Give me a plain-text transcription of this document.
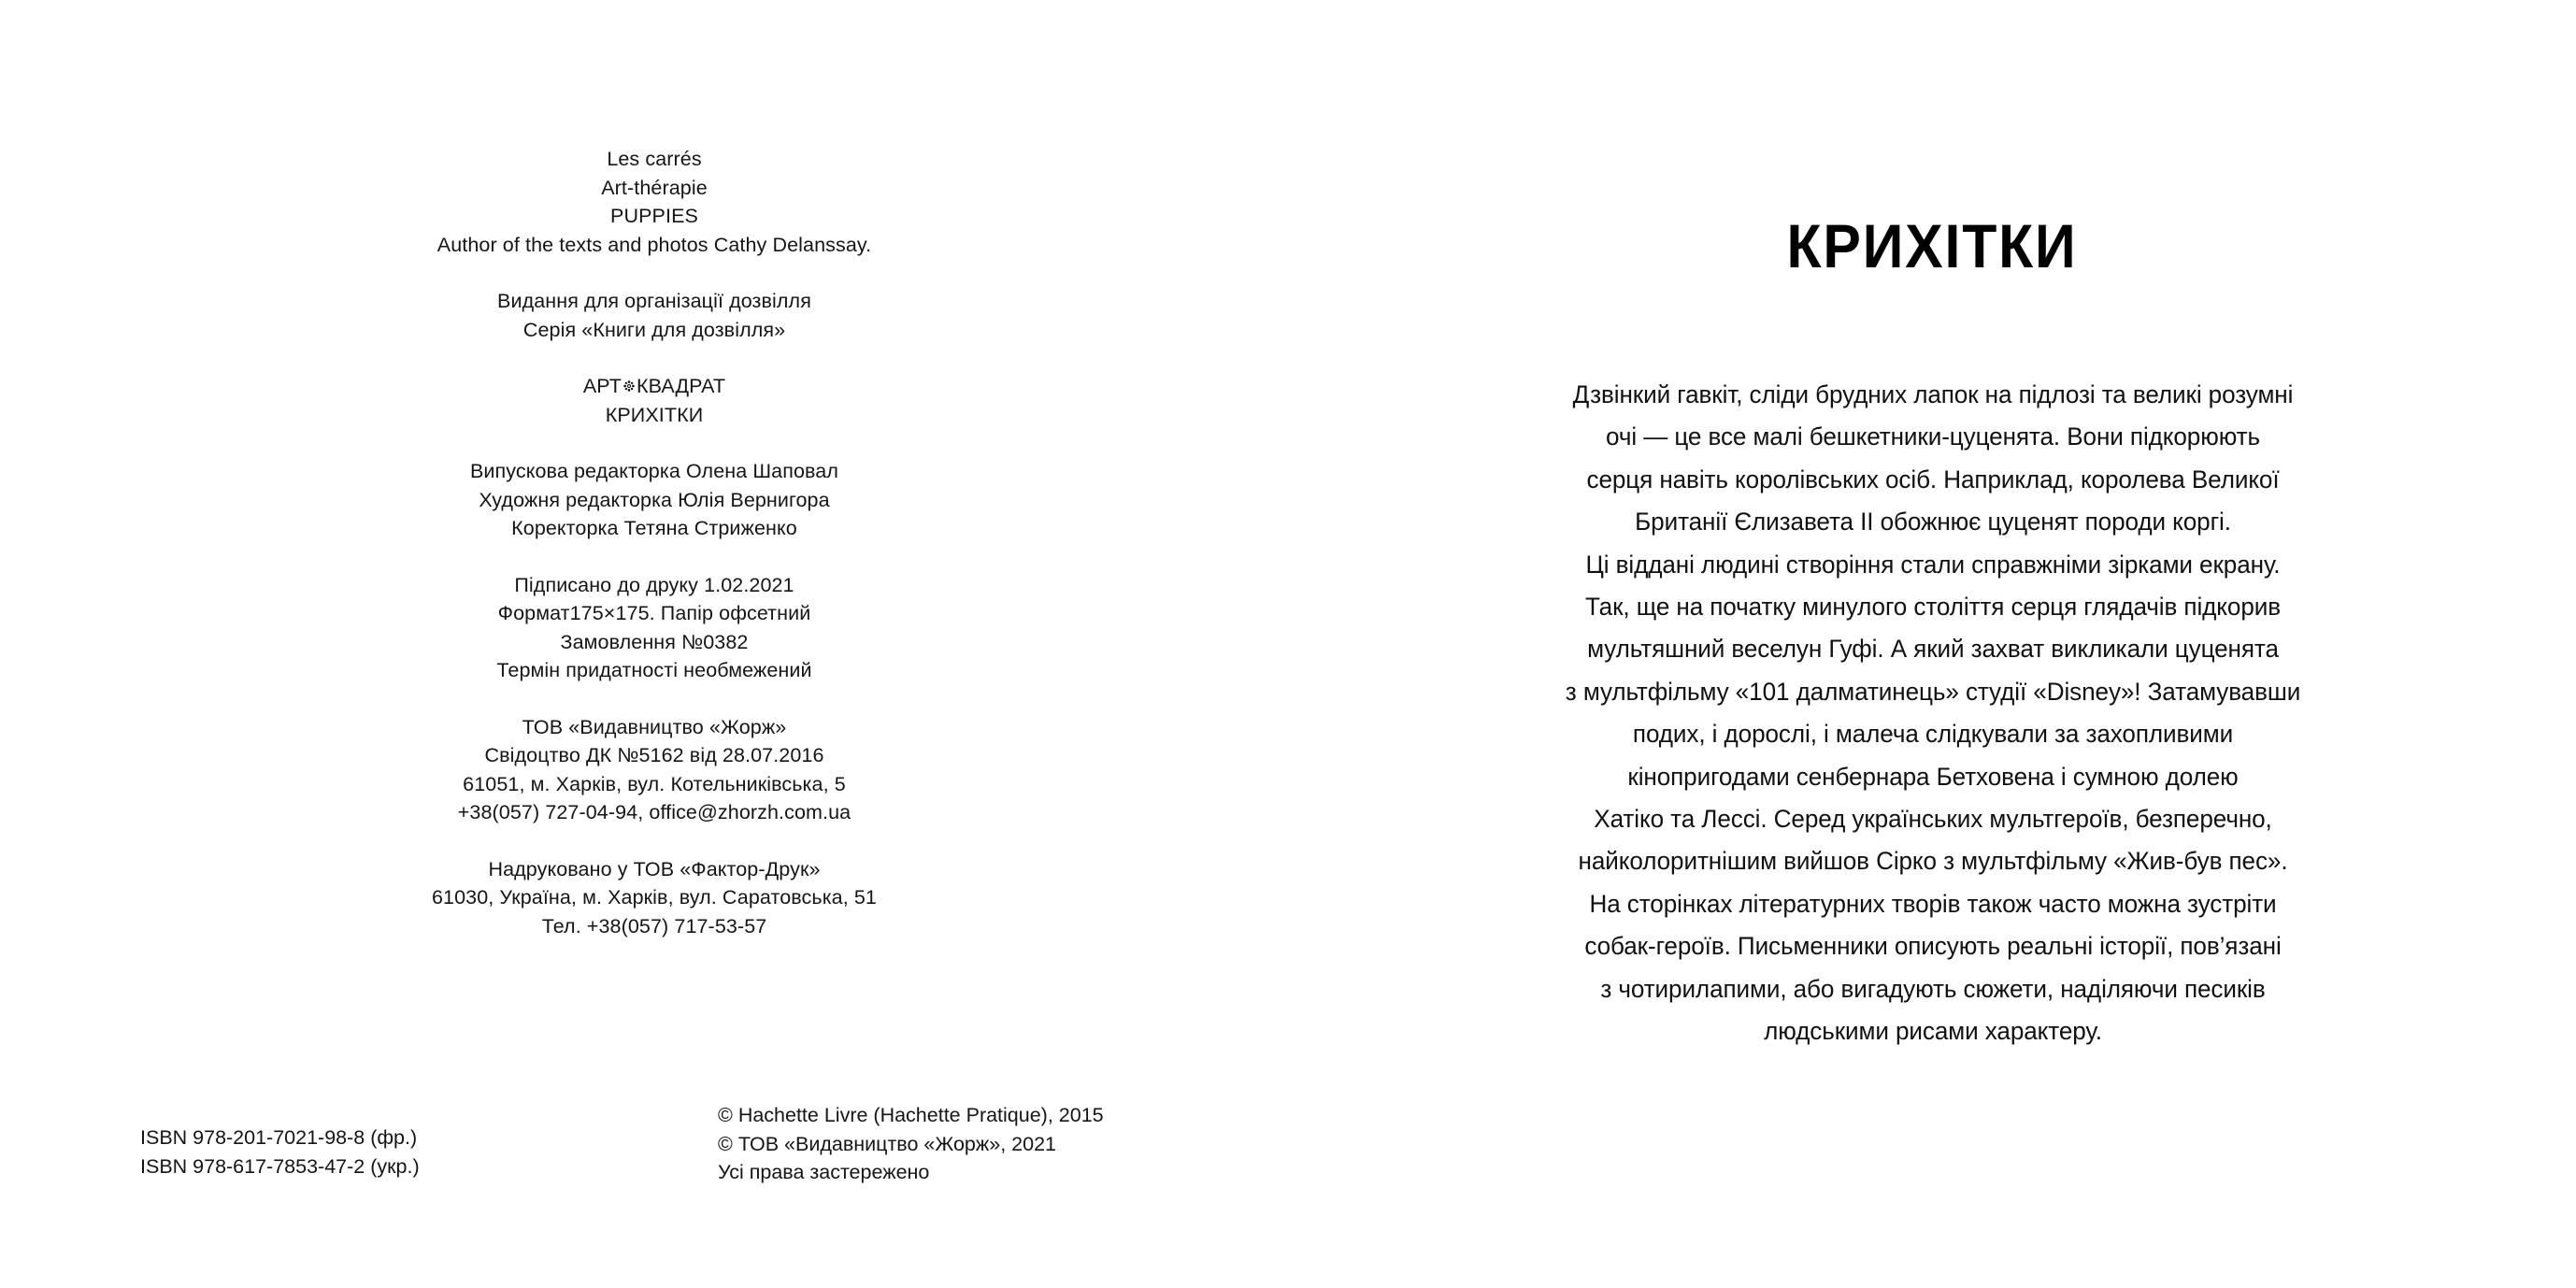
Les carrés
Art-thérapie
PUPPIES
Author of the texts and photos Cathy Delanssay.
Видання для організації дозвілля
Серія «Книги для дозвілля»
АРТ КВАДРАТ
КРИХІТКИ
Випускова редакторка Олена Шаповал
Художня редакторка Юлія Вернигора
Коректорка Тетяна Стриженко
Підписано до друку 1.02.2021
Формат175×175. Папір офсетний
Замовлення №0382
Термін придатності необмежений
ТОВ «Видавництво «Жорж»
Свідоцтво ДК №5162 від 28.07.2016
61051, м. Харків, вул. Котельниківська, 5
+38(057) 727-04-94, office@zhorzh.com.ua
Надруковано у ТОВ «Фактор-Друк»
61030, Україна, м. Харків, вул. Саратовська, 51
Тел. +38(057) 717-53-57
ISBN 978-201-7021-98-8 (фр.)
ISBN 978-617-7853-47-2 (укр.)
© Hachette Livre (Hachette Pratique), 2015
© ТОВ «Видавництво «Жорж», 2021
Усі права застережено
КРИХІТКИ
Дзвінкий гавкіт, сліди брудних лапок на підлозі та великі розумні
очі — це все малі бешкетники-цуценята. Вони підкорюють
серця навіть королівських осіб. Наприклад, королева Великої
Британії Єлизавета II обожнює цуценят породи коргі.
Ці віддані людині створіння стали справжніми зірками екрану.
Так, ще на початку минулого століття серця глядачів підкорив
мультяшний веселун Гуфі. А який захват викликали цуценята
з мультфільму «101 далматинець» студії «Disney»! Затамувавши
подих, і дорослі, і малеча слідкували за захопливими
кінопригодами сенбернара Бетховена і сумною долею
Хатіко та Лессі. Серед українських мультгероїв, безперечно,
найколоритнішим вийшов Сірко з мультфільму «Жив-був пес».
На сторінках літературних творів також часто можна зустріти
собак-героїв. Письменники описують реальні історії, пов’язані
з чотирилапими, або вигадують сюжети, наділяючи песиків
людськими рисами характеру.
